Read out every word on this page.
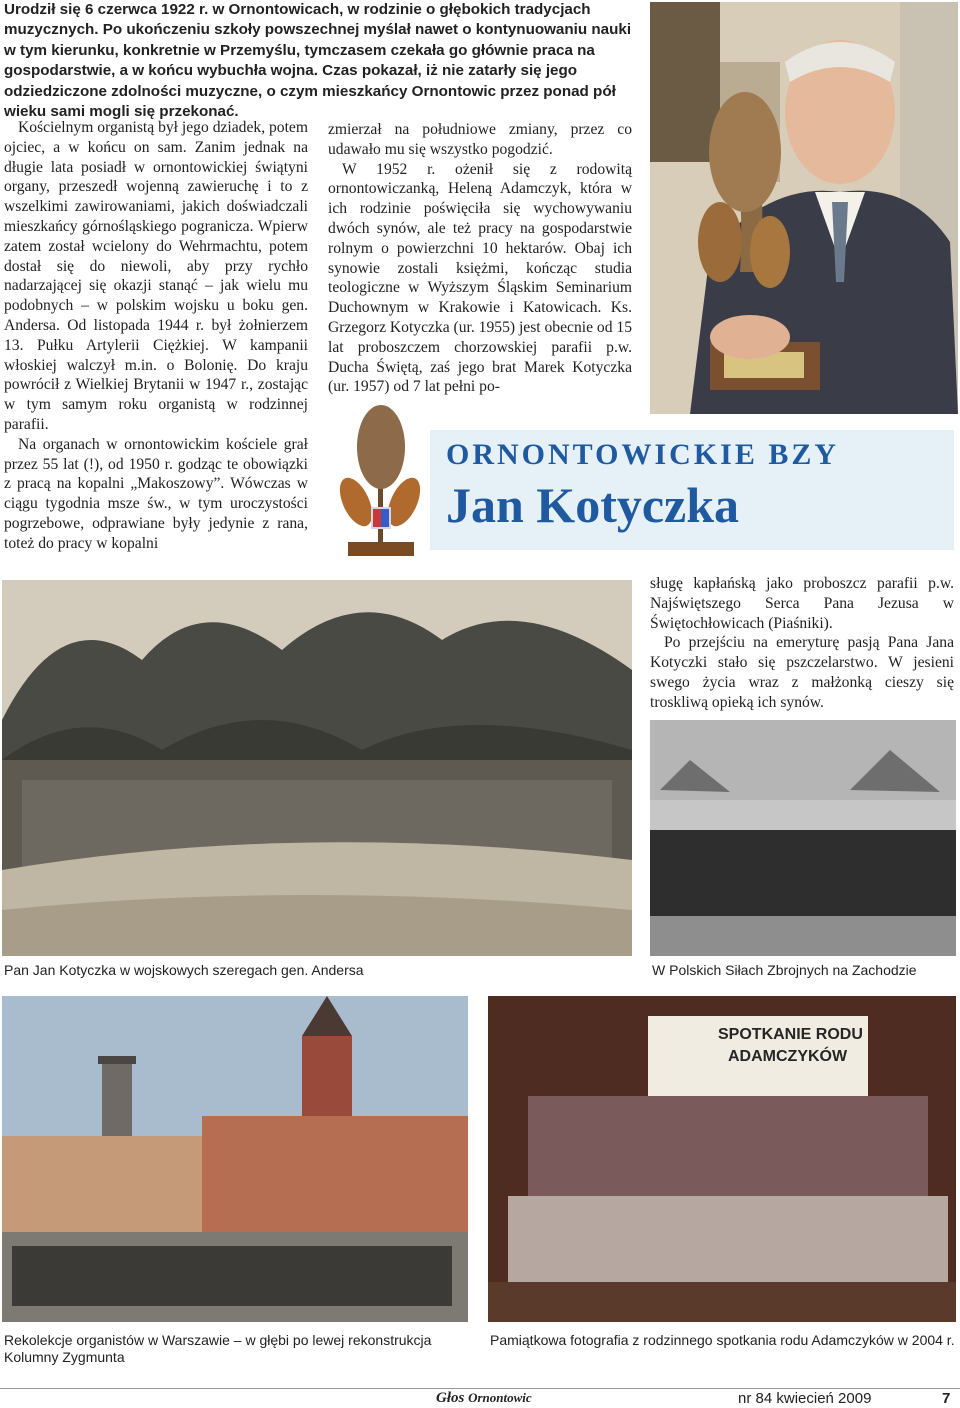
Urodził się 6 czerwca 1922 r. w Ornontowicach, w rodzinie o głębokich tradycjach muzycznych. Po ukończeniu szkoły powszechnej myślał nawet o kontynuowaniu nauki w tym kierunku, konkretnie w Przemyślu, tymczasem czekała go głównie praca na gospodarstwie, a w końcu wybuchła wojna. Czas pokazał, iż nie zatarły się jego odziedziczone zdolności muzyczne, o czym mieszkańcy Ornontowic przez ponad pół wieku sami mogli się przekonać.

Kościelnym organistą był jego dziadek, potem ojciec, a w końcu on sam. Zanim jednak na długie lata posiadł w ornontowickiej świątyni organy, przeszedł wojenną zawieruchę i to z wszelkimi zawirowaniami, jakich doświadczali mieszkańcy górnośląskiego pogranicza. Wpierw zatem został wcielony do Wehrmachtu, potem dostał się do niewoli, aby przy rychło nadarzającej się okazji stanąć – jak wielu mu podobnych – w polskim wojsku u boku gen. Andersa. Od listopada 1944 r. był żołnierzem 13. Pułku Artylerii Ciężkiej. W kampanii włoskiej walczył m.in. o Bolonię. Do kraju powrócił z Wielkiej Brytanii w 1947 r., zostając w tym samym roku organistą w rodzinnej parafii.

Na organach w ornontowickim kościele grał przez 55 lat (!), od 1950 r. godząc te obowiązki z pracą na kopalni „Makoszowy”. Wówczas w ciągu tygodnia msze św., w tym uroczystości pogrzebowe, odprawiane były jedynie z rana, toteż do pracy w kopalni

zmierzał na południowe zmiany, przez co udawało mu się wszystko pogodzić.

W 1952 r. ożenił się z rodowitą ornontowiczanką, Heleną Adamczyk, która w ich rodzinie poświęciła się wychowywaniu dwóch synów, ale też pracy na gospodarstwie rolnym o powierzchni 10 hektarów. Obaj ich synowie zostali księżmi, kończąc studia teologiczne w Wyższym Śląskim Seminarium Duchownym w Krakowie i Katowicach. Ks. Grzegorz Kotyczka (ur. 1955) jest obecnie od 15 lat proboszczem chorzowskiej parafii p.w. Ducha Świętą, zaś jego brat Marek Kotyczka (ur. 1957) od 7 lat pełni po-

ORNONTOWICKIE BZY
Jan Kotyczka

sługę kapłańską jako proboszcz parafii p.w. Najświętszego Serca Pana Jezusa w Świętochłowicach (Piaśniki).

Po przejściu na emeryturę pasją Pana Jana Kotyczki stało się pszczelarstwo. W jesieni swego życia wraz z małżonką cieszy się troskliwą opieką ich synów.

Pan Jan Kotyczka w wojskowych szeregach gen. Andersa	W Polskich Siłach Zbrojnych na Zachodzie
SPOTKANIE RODU
ADAMCZYKÓW
Rekolekcje organistów w Warszawie – w głębi po lewej rekonstrukcja Kolumny Zygmunta
Pamiątkowa fotografia z rodzinnego spotkania rodu Adamczyków w 2004 r.
Głos Ornontowic	nr 84 kwiecień 2009	7
